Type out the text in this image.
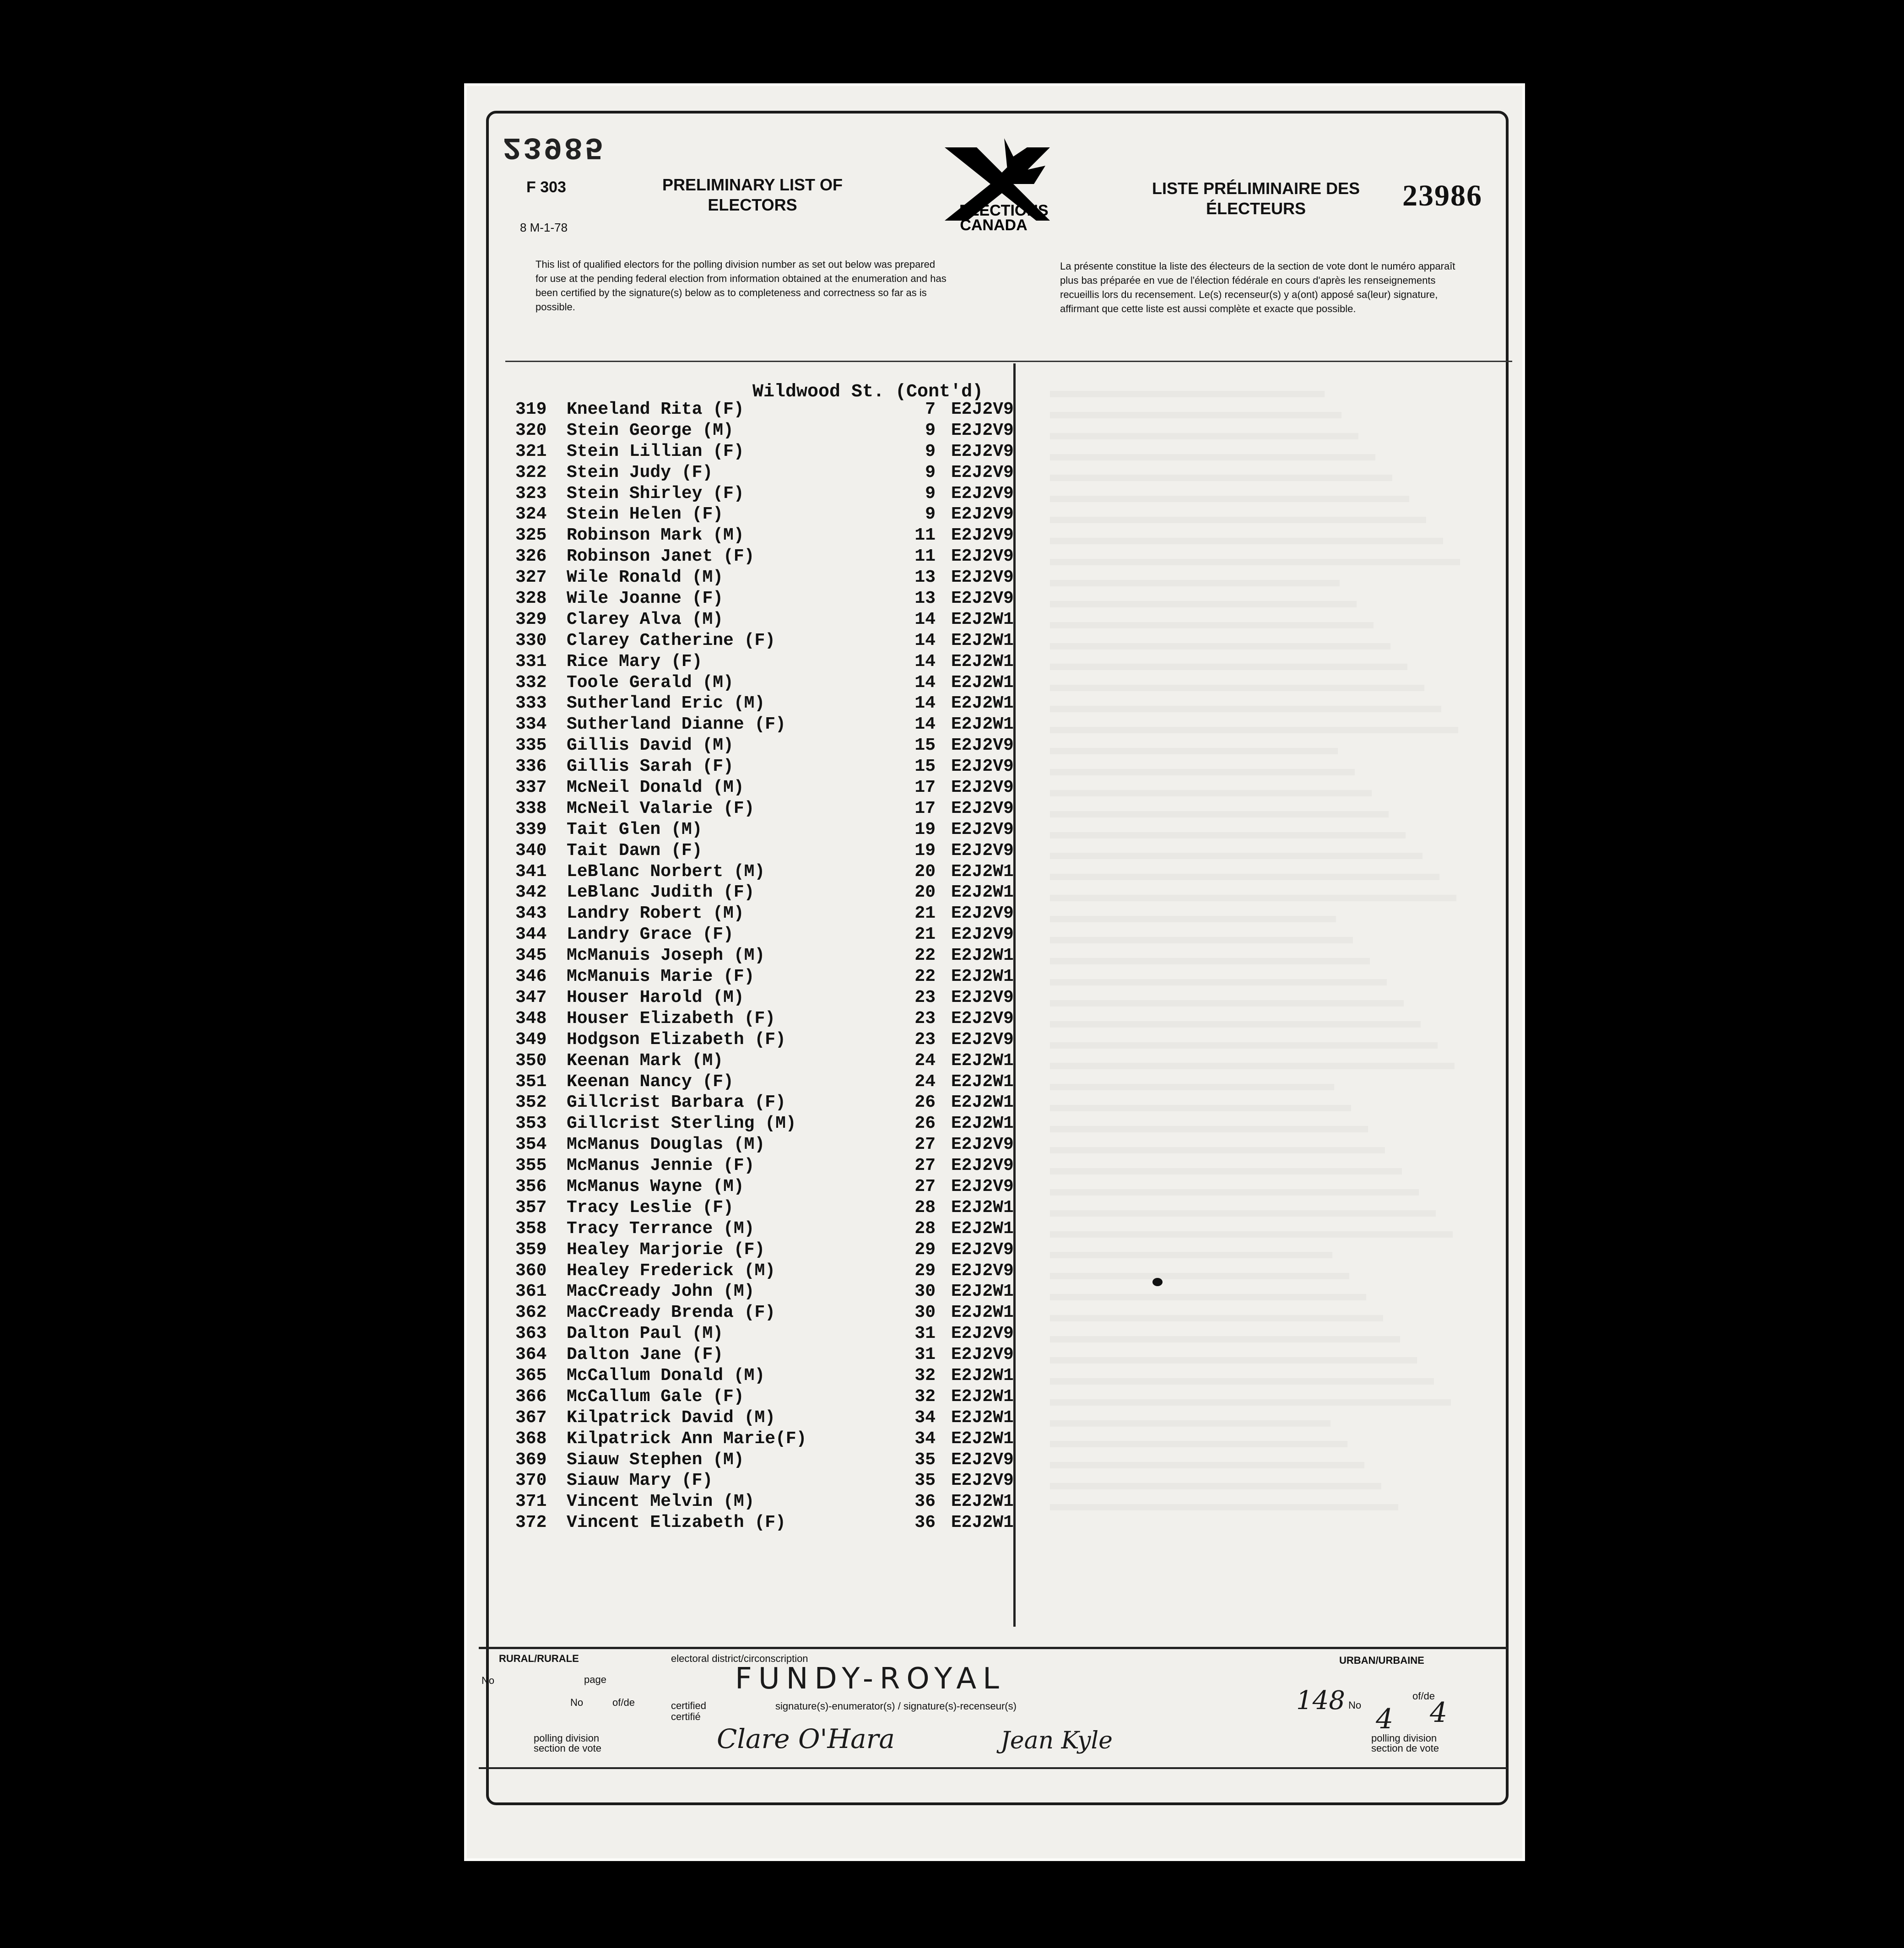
23985
F 303
8 M-1-78
PRELIMINARY LIST OF ELECTORS	ELECTIONS CANADA
LISTE PRÉLIMINAIRE DES ÉLECTEURS	23986
This list of qualified electors for the polling division number as set out below was prepared for use at the pending federal election from information obtained at the enumeration and has been certified by the signature(s) below as to completeness and correctness so far as is possible.
La présente constitue la liste des électeurs de la section de vote dont le numéro apparaît plus bas préparée en vue de l'élection fédérale en cours d'après les renseignements recueillis lors du recensement. Le(s) recenseur(s) y a(ont) apposé sa(leur) signature, affirmant que cette liste est aussi complète et exacte que possible.
Wildwood St. (Cont'd)
319 Kneeland Rita (F)	7 E2J2V9
320 Stein George (M)	9 E2J2V9
321 Stein Lillian (F)	9 E2J2V9
322 Stein Judy (F)	9 E2J2V9
323 Stein Shirley (F)	9 E2J2V9
324 Stein Helen (F)	9 E2J2V9
325 Robinson Mark (M)	11 E2J2V9
326 Robinson Janet (F)	11 E2J2V9
327 Wile Ronald (M)	13 E2J2V9
328 Wile Joanne (F)	13 E2J2V9
329 Clarey Alva (M)	14 E2J2W1
330 Clarey Catherine (F)	14 E2J2W1
331 Rice Mary (F)	14 E2J2W1
332 Toole Gerald (M)	14 E2J2W1
333 Sutherland Eric (M)	14 E2J2W1
334 Sutherland Dianne (F)	14 E2J2W1
335 Gillis David (M)	15 E2J2V9
336 Gillis Sarah (F)	15 E2J2V9
337 McNeil Donald (M)	17 E2J2V9
338 McNeil Valarie (F)	17 E2J2V9
339 Tait Glen (M)	19 E2J2V9
340 Tait Dawn (F)	19 E2J2V9
341 LeBlanc Norbert (M)	20 E2J2W1
342 LeBlanc Judith (F)	20 E2J2W1
343 Landry Robert (M)	21 E2J2V9
344 Landry Grace (F)	21 E2J2V9
345 McManuis Joseph (M)	22 E2J2W1
346 McManuis Marie (F)	22 E2J2W1
347 Houser Harold (M)	23 E2J2V9
348 Houser Elizabeth (F)	23 E2J2V9
349 Hodgson Elizabeth (F)	23 E2J2V9
350 Keenan Mark (M)	24 E2J2W1
351 Keenan Nancy (F)	24 E2J2W1
352 Gillcrist Barbara (F)	26 E2J2W1
353 Gillcrist Sterling (M)	26 E2J2W1
354 McManus Douglas (M)	27 E2J2V9
355 McManus Jennie (F)	27 E2J2V9
356 McManus Wayne (M)	27 E2J2V9
357 Tracy Leslie (F)	28 E2J2W1
358 Tracy Terrance (M)	28 E2J2W1
359 Healey Marjorie (F)	29 E2J2V9
360 Healey Frederick (M)	29 E2J2V9
361 MacCready John (M)	30 E2J2W1
362 MacCready Brenda (F)	30 E2J2W1
363 Dalton Paul (M)	31 E2J2V9
364 Dalton Jane (F)	31 E2J2V9
365 McCallum Donald (M)	32 E2J2W1
366 McCallum Gale (F)	32 E2J2W1
367 Kilpatrick David (M)	34 E2J2W1
368 Kilpatrick Ann Marie(F)	34 E2J2W1
369 Siauw Stephen (M)	35 E2J2V9
370 Siauw Mary (F)	35 E2J2V9
371 Vincent Melvin (M)	36 E2J2W1
372 Vincent Elizabeth (F)	36 E2J2W1
RURAL/RURALE	electoral district/circonscription	URBAN/URBAINE
No	page
No	of/de	certified certifié
signature(s)-enumerator(s) / signature(s)-recenseur(s)
polling division section de vote
polling division section de vote
No
of/de
FUNDY-ROYAL
148
4 4
Clare O'Hara	Jean Kyle
